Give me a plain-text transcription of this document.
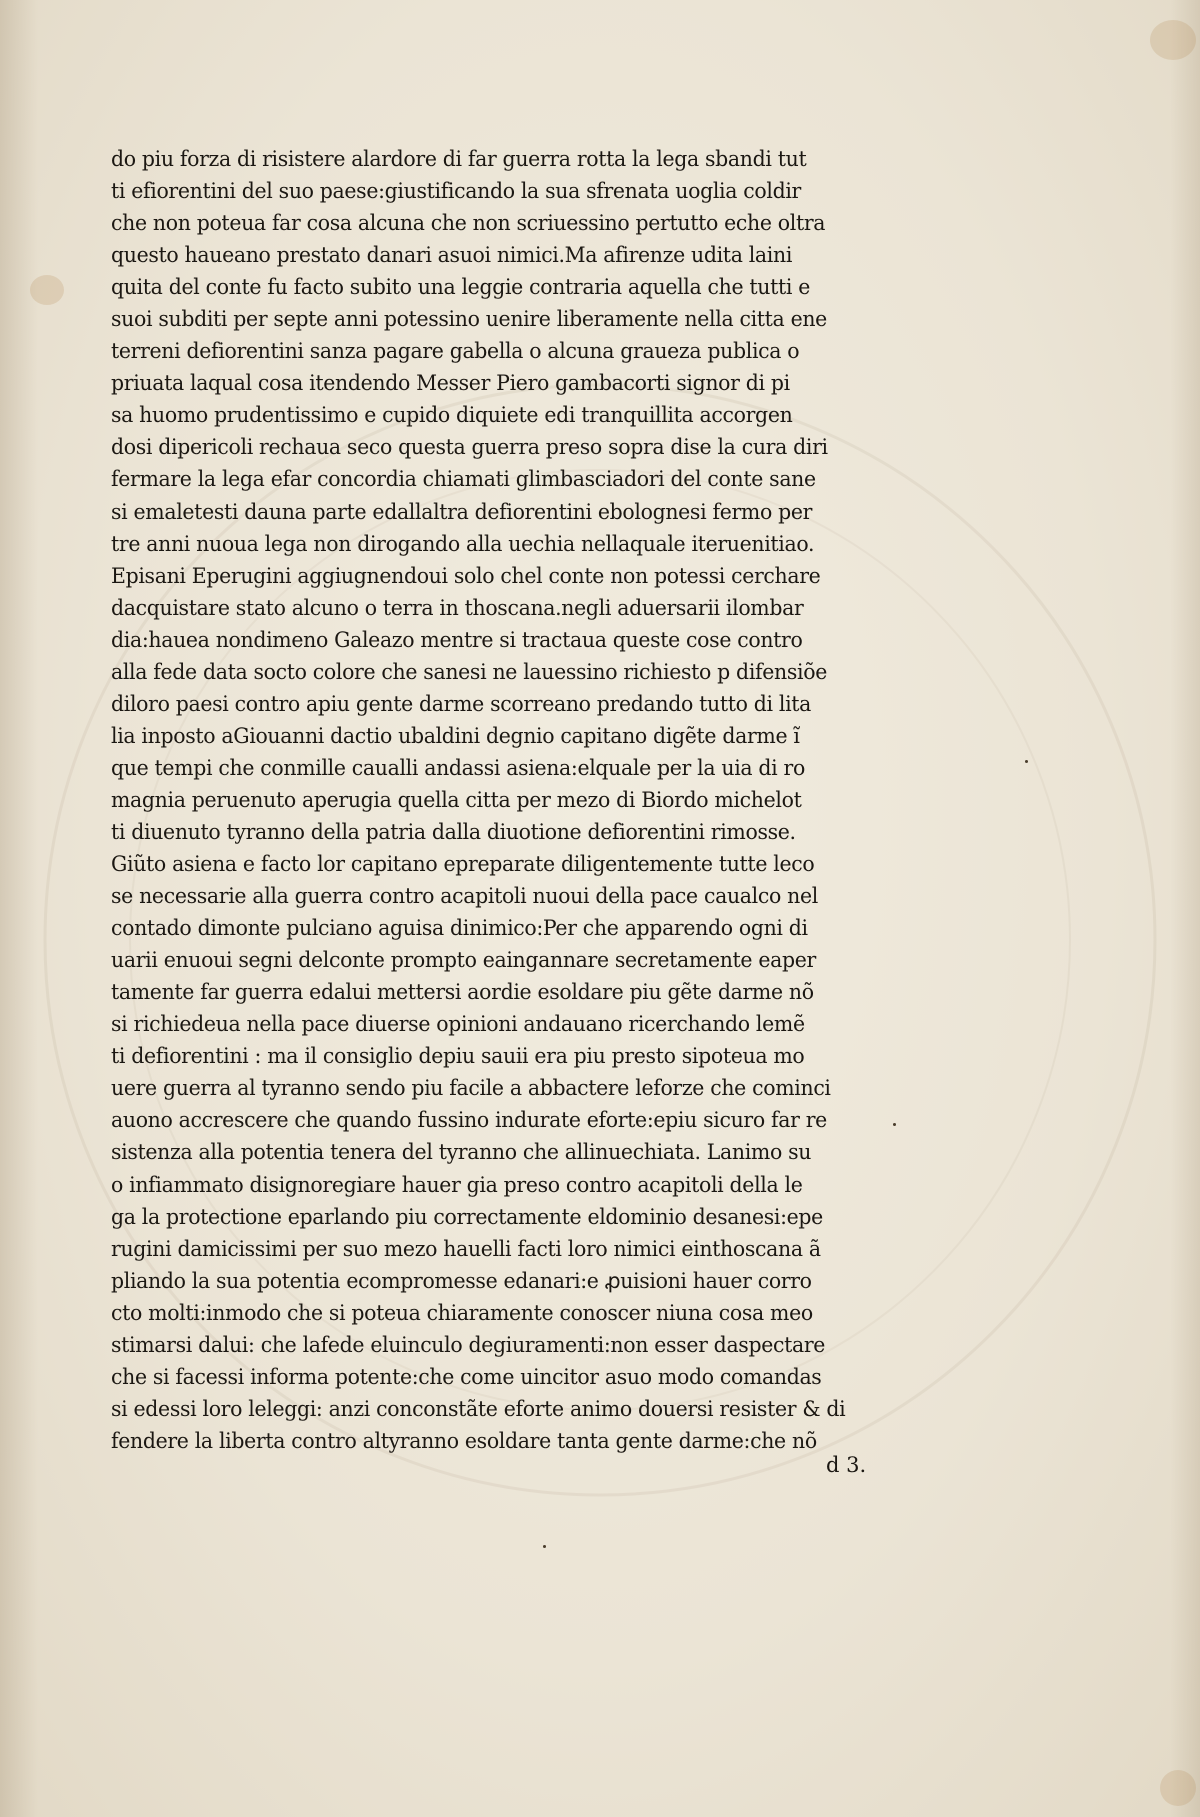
do piu forza di risistere alardore di far guerra rotta la lega sbandi tut
ti efiorentini del suo paese:giustificando la sua sfrenata uoglia coldir
che non poteua far cosa alcuna che non scriuessino pertutto eche oltra
questo haueano prestato danari asuoi nimici.Ma afirenze udita laini
quita del conte fu facto subito una leggie contraria aquella che tutti e
suoi subditi per septe anni potessino uenire liberamente nella citta ene
terreni defiorentini sanza pagare gabella o alcuna graueza publica o
priuata laqual cosa itendendo Messer Piero gambacorti signor di pi
sa huomo prudentissimo e cupido diquiete edi tranquillita accorgen
dosi dipericoli rechaua seco questa guerra preso sopra dise la cura diri
fermare la lega efar concordia chiamati glimbasciadori del conte sane
si emaletesti dauna parte edallaltra defiorentini ebolognesi fermo per
tre anni nuoua lega non dirogando alla uechia nellaquale iteruenitiao.
Episani Eperugini aggiugnendoui solo chel conte non potessi cerchare
dacquistare stato alcuno o terra in thoscana.negli aduersarii ilombar
dia:hauea nondimeno Galeazo mentre si tractaua queste cose contro
alla fede data socto colore che sanesi ne lauessino richiesto p difensiõe
diloro paesi contro apiu gente darme scorreano predando tutto di lita
lia inposto aGiouanni dactio ubaldini degnio capitano digẽte darme ĩ
que tempi che conmille caualli andassi asiena:elquale per la uia di ro
magnia peruenuto aperugia quella citta per mezo di Biordo michelot
ti diuenuto tyranno della patria dalla diuotione defiorentini rimosse.
Giũto asiena e facto lor capitano epreparate diligentemente tutte leco
se necessarie alla guerra contro acapitoli nuoui della pace caualco nel
contado dimonte pulciano aguisa dinimico:Per che apparendo ogni di
uarii enuoui segni delconte prompto eaingannare secretamente eaper
tamente far guerra edalui mettersi aordie esoldare piu gẽte darme nõ
si richiedeua nella pace diuerse opinioni andauano ricerchando lemẽ
ti defiorentini : ma il consiglio depiu sauii era piu presto sipoteua mo
uere guerra al tyranno sendo piu facile a abbactere leforze che cominci
auono accrescere che quando fussino indurate eforte:epiu sicuro far re
sistenza alla potentia tenera del tyranno che allinuechiata. Lanimo su
o infiammato disignoregiare hauer gia preso contro acapitoli della le
ga la protectione eparlando piu correctamente eldominio desanesi:epe
rugini damicissimi per suo mezo hauelli facti loro nimici einthoscana ã
pliando la sua potentia ecompromesse edanari:e ꝓuisioni hauer corro
cto molti:inmodo che si poteua chiaramente conoscer niuna cosa meo
stimarsi dalui: che lafede eluinculo degiuramenti:non esser daspectare
che si facessi informa potente:che come uincitor asuo modo comandas
si edessi loro leleggi: anzi conconstãte eforte animo douersi resister & di
fendere la liberta contro altyranno esoldare tanta gente darme:che nõ
d 3.
